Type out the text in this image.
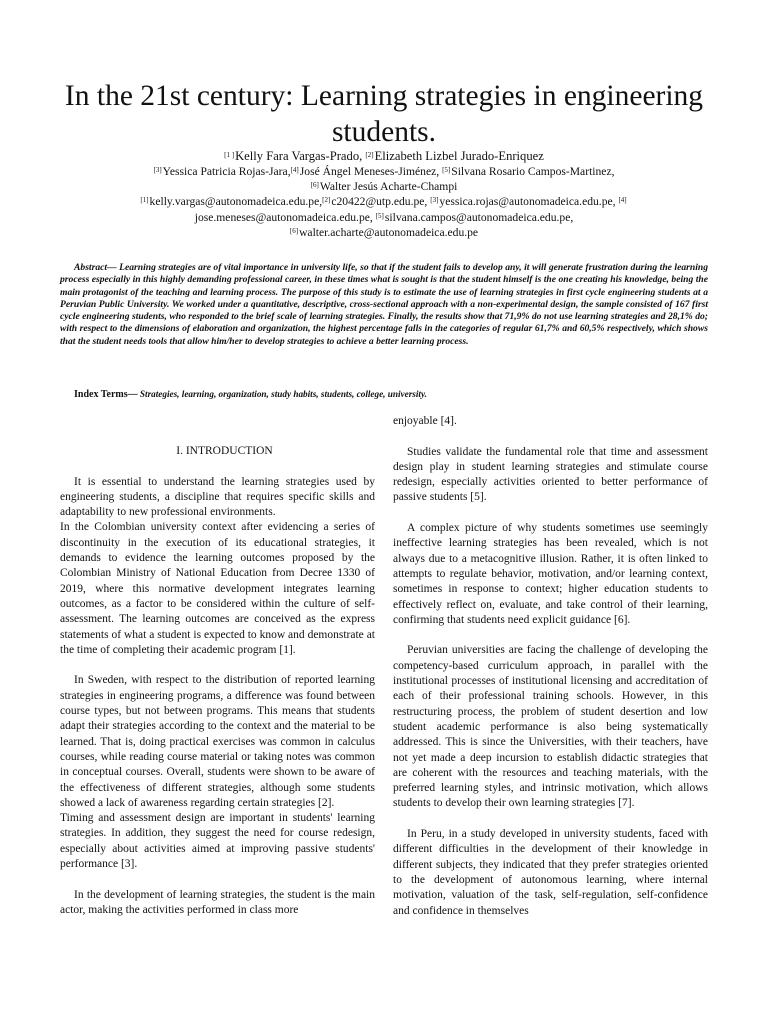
In the 21st century: Learning strategies in engineering students.
[1 ]Kelly Fara Vargas-Prado, [2]Elizabeth Lizbel Jurado-Enriquez
[3]Yessica Patricia Rojas-Jara,[4]José Ángel Meneses-Jiménez, [5]Silvana Rosario Campos-Martinez,
[6]Walter Jesús Acharte-Champi
[1]kelly.vargas@autonomadeica.edu.pe,[2]c20422@utp.edu.pe, [3]yessica.rojas@autonomadeica.edu.pe, [4]
jose.meneses@autonomadeica.edu.pe, [5]silvana.campos@autonomadeica.edu.pe,
[6]walter.acharte@autonomadeica.edu.pe
Abstract— Learning strategies are of vital importance in university life, so that if the student fails to develop any, it will generate frustration during the learning process especially in this highly demanding professional career, in these times what is sought is that the student himself is the one creating his knowledge, being the main protagonist of the teaching and learning process. The purpose of this study is to estimate the use of learning strategies in first cycle engineering students at a Peruvian Public University. We worked under a quantitative, descriptive, cross-sectional approach with a non-experimental design, the sample consisted of 167 first cycle engineering students, who responded to the brief scale of learning strategies. Finally, the results show that 71,9% do not use learning strategies and 28,1% do; with respect to the dimensions of elaboration and organization, the highest percentage falls in the categories of regular 61,7% and 60,5% respectively, which shows that the student needs tools that allow him/her to develop strategies to achieve a better learning process.
Index Terms— Strategies, learning, organization, study habits, students, college, university.

I. INTRODUCTION

It is essential to understand the learning strategies used by engineering students, a discipline that requires specific skills and adaptability to new professional environments.

In the Colombian university context after evidencing a series of discontinuity in the execution of its educational strategies, it demands to evidence the learning outcomes proposed by the Colombian Ministry of National Education from Decree 1330 of 2019, where this normative development integrates learning outcomes, as a factor to be considered within the culture of self-assessment. The learning outcomes are conceived as the express statements of what a student is expected to know and demonstrate at the time of completing their academic program [1].

In Sweden, with respect to the distribution of reported learning strategies in engineering programs, a difference was found between course types, but not between programs. This means that students adapt their strategies according to the context and the material to be learned. That is, doing practical exercises was common in calculus courses, while reading course material or taking notes was common in conceptual courses. Overall, students were shown to be aware of the effectiveness of different strategies, although some students showed a lack of awareness regarding certain strategies [2].

Timing and assessment design are important in students' learning strategies. In addition, they suggest the need for course redesign, especially about activities aimed at improving passive students' performance [3].

In the development of learning strategies, the student is the main actor, making the activities performed in class more

enjoyable [4].

Studies validate the fundamental role that time and assessment design play in student learning strategies and stimulate course redesign, especially activities oriented to better performance of passive students [5].

A complex picture of why students sometimes use seemingly ineffective learning strategies has been revealed, which is not always due to a metacognitive illusion. Rather, it is often linked to attempts to regulate behavior, motivation, and/or learning context, sometimes in response to context; higher education students to effectively reflect on, evaluate, and take control of their learning, confirming that students need explicit guidance [6].

Peruvian universities are facing the challenge of developing the competency-based curriculum approach, in parallel with the institutional processes of institutional licensing and accreditation of each of their professional training schools. However, in this restructuring process, the problem of student desertion and low student academic performance is also being systematically addressed. This is since the Universities, with their teachers, have not yet made a deep incursion to establish didactic strategies that are coherent with the resources and teaching materials, with the preferred learning styles, and intrinsic motivation, which allows students to develop their own learning strategies [7].

In Peru, in a study developed in university students, faced with different difficulties in the development of their knowledge in different subjects, they indicated that they prefer strategies oriented to the development of autonomous learning, where internal motivation, valuation of the task, self-regulation, self-confidence and confidence in themselves
